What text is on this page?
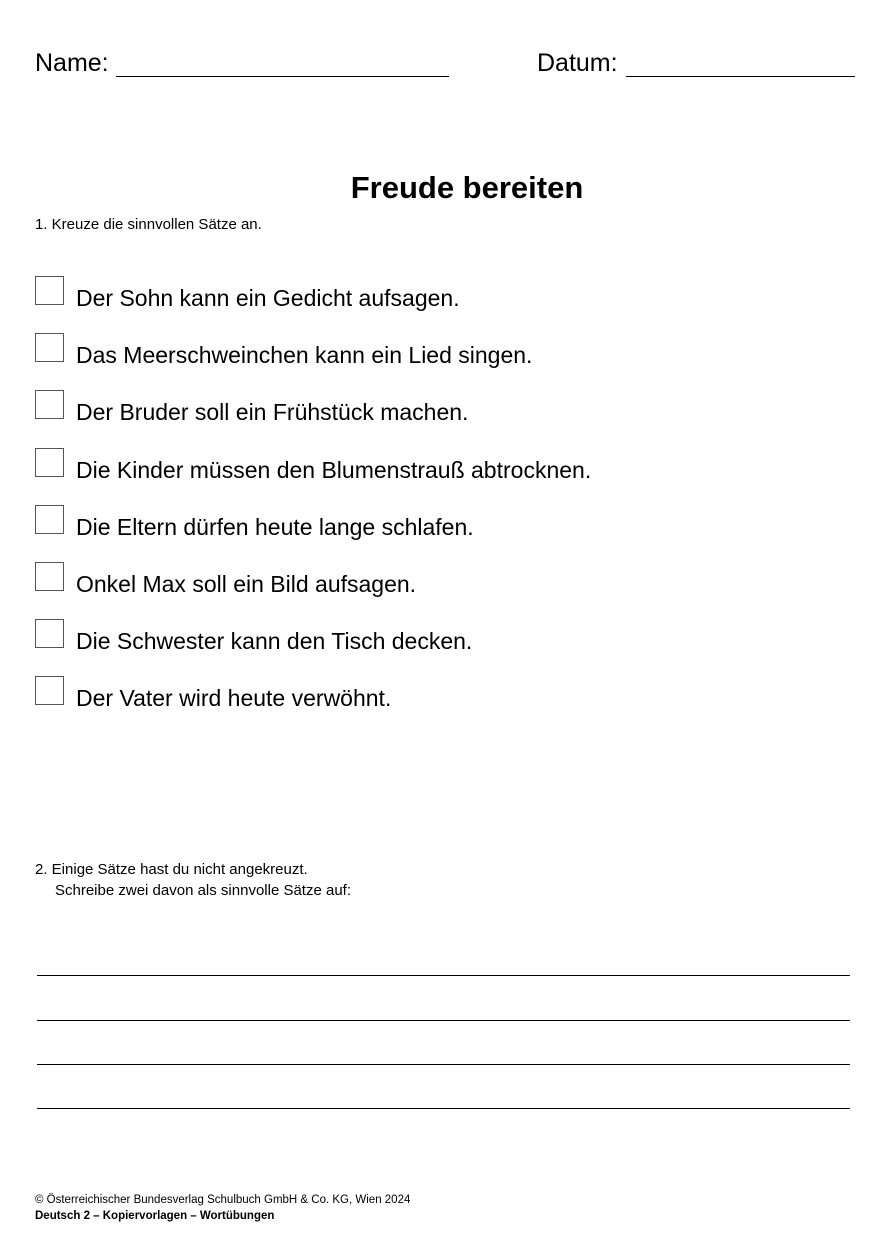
Name:	Datum:
Freude bereiten
1. Kreuze die sinnvollen Sätze an.
Der Sohn kann ein Gedicht aufsagen.
Das Meerschweinchen kann ein Lied singen.
Der Bruder soll ein Frühstück machen.
Die Kinder müssen den Blumenstrauß abtrocknen.
Die Eltern dürfen heute lange schlafen.
Onkel Max soll ein Bild aufsagen.
Die Schwester kann den Tisch decken.
Der Vater wird heute verwöhnt.
2. Einige Sätze hast du nicht angekreuzt.
Schreibe zwei davon als sinnvolle Sätze auf:
© Österreichischer Bundesverlag Schulbuch GmbH & Co. KG, Wien 2024
Deutsch 2 – Kopiervorlagen – Wortübungen
